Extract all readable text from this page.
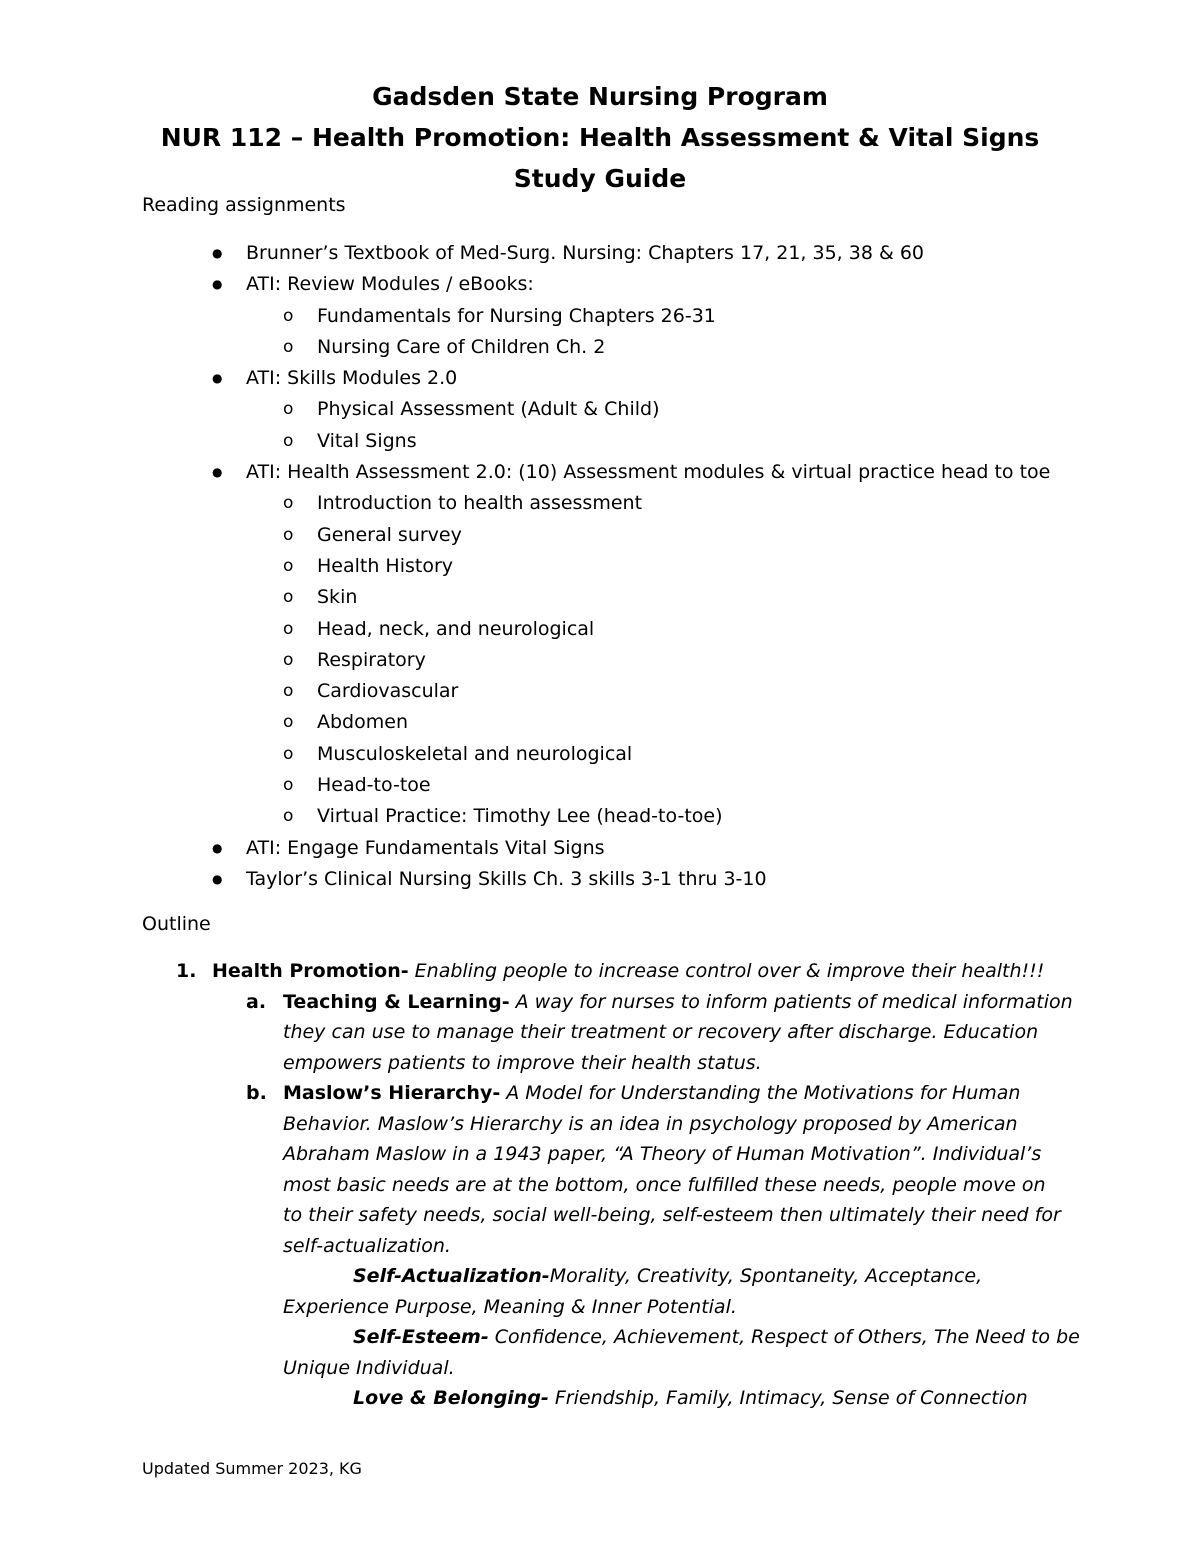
Gadsden State Nursing Program
NUR 112 – Health Promotion: Health Assessment & Vital Signs
Study Guide
Reading assignments
● Brunner’s Textbook of Med-Surg. Nursing: Chapters 17, 21, 35, 38 & 60
● ATI: Review Modules / eBooks:
o Fundamentals for Nursing Chapters 26-31
o Nursing Care of Children Ch. 2
● ATI: Skills Modules 2.0
o Physical Assessment (Adult & Child)
o Vital Signs
● ATI: Health Assessment 2.0: (10) Assessment modules & virtual practice head to toe
o Introduction to health assessment
o General survey
o Health History
o Skin
o Head, neck, and neurological
o Respiratory
o Cardiovascular
o Abdomen
o Musculoskeletal and neurological
o Head-to-toe
o Virtual Practice: Timothy Lee (head-to-toe)
● ATI: Engage Fundamentals Vital Signs
● Taylor’s Clinical Nursing Skills Ch. 3 skills 3-1 thru 3-10
Outline
1. Health Promotion- Enabling people to increase control over & improve their health!!!
a. Teaching & Learning- A way for nurses to inform patients of medical information
they can use to manage their treatment or recovery after discharge. Education
empowers patients to improve their health status.
b. Maslow’s Hierarchy- A Model for Understanding the Motivations for Human
Behavior. Maslow’s Hierarchy is an idea in psychology proposed by American
Abraham Maslow in a 1943 paper, “A Theory of Human Motivation”. Individual’s
most basic needs are at the bottom, once fulfilled these needs, people move on
to their safety needs, social well-being, self-esteem then ultimately their need for
self-actualization.
Self-Actualization-Morality, Creativity, Spontaneity, Acceptance,
Experience Purpose, Meaning & Inner Potential.
Self-Esteem- Confidence, Achievement, Respect of Others, The Need to be
Unique Individual.
Love & Belonging- Friendship, Family, Intimacy, Sense of Connection
Updated Summer 2023, KG
